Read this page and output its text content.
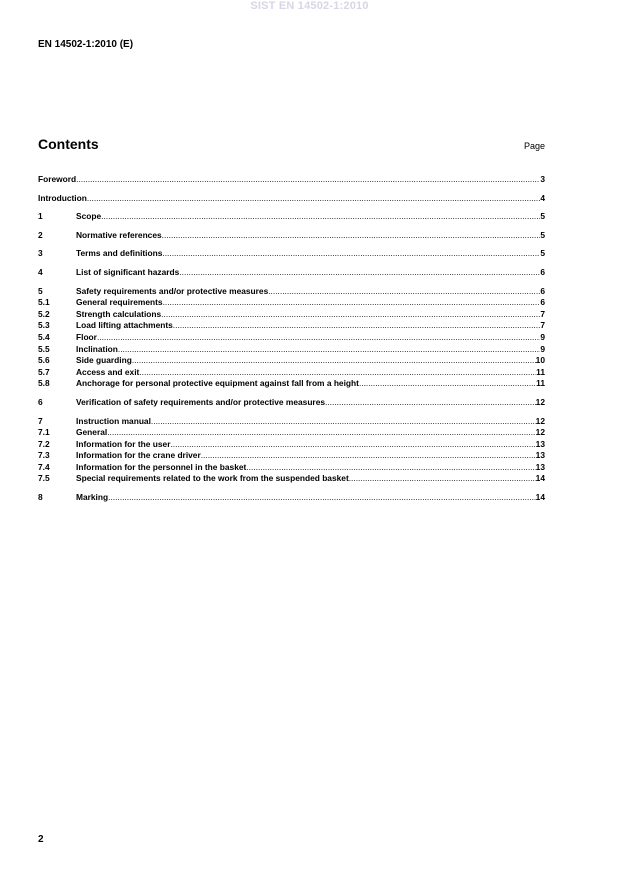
SIST EN 14502-1:2010
EN 14502-1:2010 (E)
Contents	Page
Foreword .....	3
Introduction .....	4
1	Scope .....	5
2	Normative references .....	5
3	Terms and definitions .....	5
4	List of significant hazards .....	6
5	Safety requirements and/or protective measures .....	6
5.1	General requirements .....	6
5.2	Strength calculations .....	7
5.3	Load lifting attachments .....	7
5.4	Floor .....	9
5.5	Inclination .....	9
5.6	Side guarding .....	10
5.7	Access and exit .....	11
5.8	Anchorage for personal protective equipment against fall from a height .....	11
6	Verification of safety requirements and/or protective measures .....	12
7	Instruction manual .....	12
7.1	General .....	12
7.2	Information for the user .....	13
7.3	Information for the crane driver .....	13
7.4	Information for the personnel in the basket .....	13
7.5	Special requirements related to the work from the suspended basket .....	14
8	Marking .....	14
2
